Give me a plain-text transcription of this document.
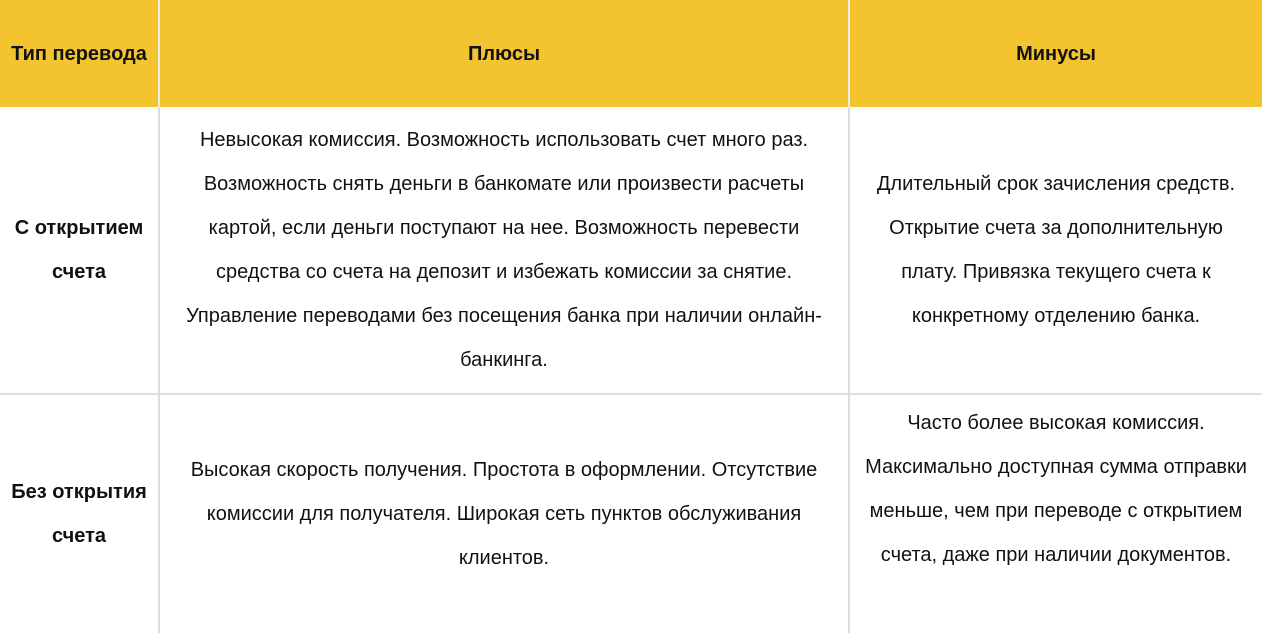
Тип перевода	Плюсы	Минусы
С открытием счета	Невысокая комиссия. Возможность использовать счет много раз. Возможность снять деньги в банкомате или произвести расчеты картой, если деньги поступают на нее. Возможность перевести средства со счета на депозит и избежать комиссии за снятие. Управление переводами без посещения банка при наличии онлайн-банкинга.	Длительный срок зачисления средств. Открытие счета за дополнительную плату. Привязка текущего счета к конкретному отделению банка.
Без открытия счета	Высокая скорость получения. Простота в оформлении. Отсутствие комиссии для получателя. Широкая сеть пунктов обслуживания клиентов.	Часто более высокая комиссия. Максимально доступная сумма отправки меньше, чем при переводе с открытием счета, даже при наличии документов.
